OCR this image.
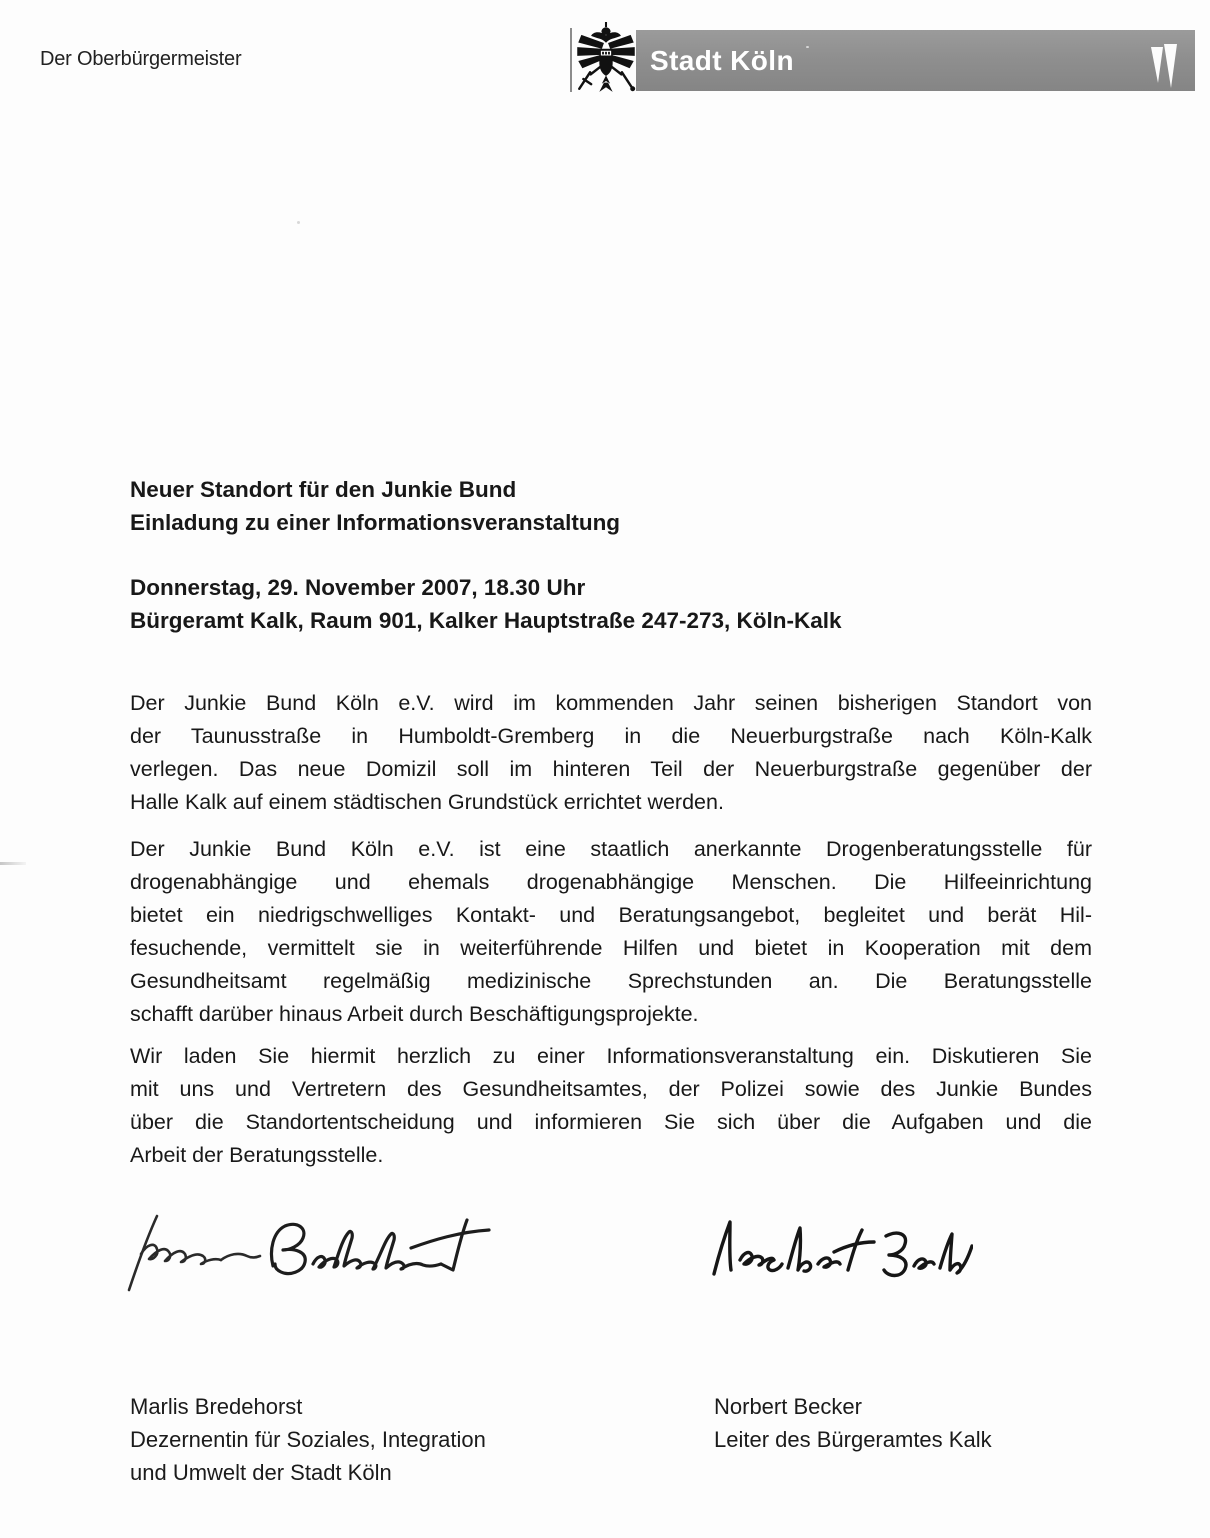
Der Oberbürgermeister	Stadt Köln
Neuer Standort für den Junkie Bund
Einladung zu einer Informationsveranstaltung
Donnerstag, 29. November 2007, 18.30 Uhr
Bürgeramt Kalk, Raum 901, Kalker Hauptstraße 247-273, Köln-Kalk
Der Junkie Bund Köln e.V. wird im kommenden Jahr seinen bisherigen Standort von
der Taunusstraße in Humboldt-Gremberg in die Neuerburgstraße nach Köln-Kalk
verlegen. Das neue Domizil soll im hinteren Teil der Neuerburgstraße gegenüber der
Halle Kalk auf einem städtischen Grundstück errichtet werden.
Der Junkie Bund Köln e.V. ist eine staatlich anerkannte Drogenberatungsstelle für
drogenabhängige und ehemals drogenabhängige Menschen. Die Hilfeeinrichtung
bietet ein niedrigschwelliges Kontakt- und Beratungsangebot, begleitet und berät Hil-
fesuchende, vermittelt sie in weiterführende Hilfen und bietet in Kooperation mit dem
Gesundheitsamt regelmäßig medizinische Sprechstunden an. Die Beratungsstelle
schafft darüber hinaus Arbeit durch Beschäftigungsprojekte.
Wir laden Sie hiermit herzlich zu einer Informationsveranstaltung ein. Diskutieren Sie
mit uns und Vertretern des Gesundheitsamtes, der Polizei sowie des Junkie Bundes
über die Standortentscheidung und informieren Sie sich über die Aufgaben und die
Arbeit der Beratungsstelle.
Marlis Bredehorst
Dezernentin für Soziales, Integration
und Umwelt der Stadt Köln
Norbert Becker
Leiter des Bürgeramtes Kalk
